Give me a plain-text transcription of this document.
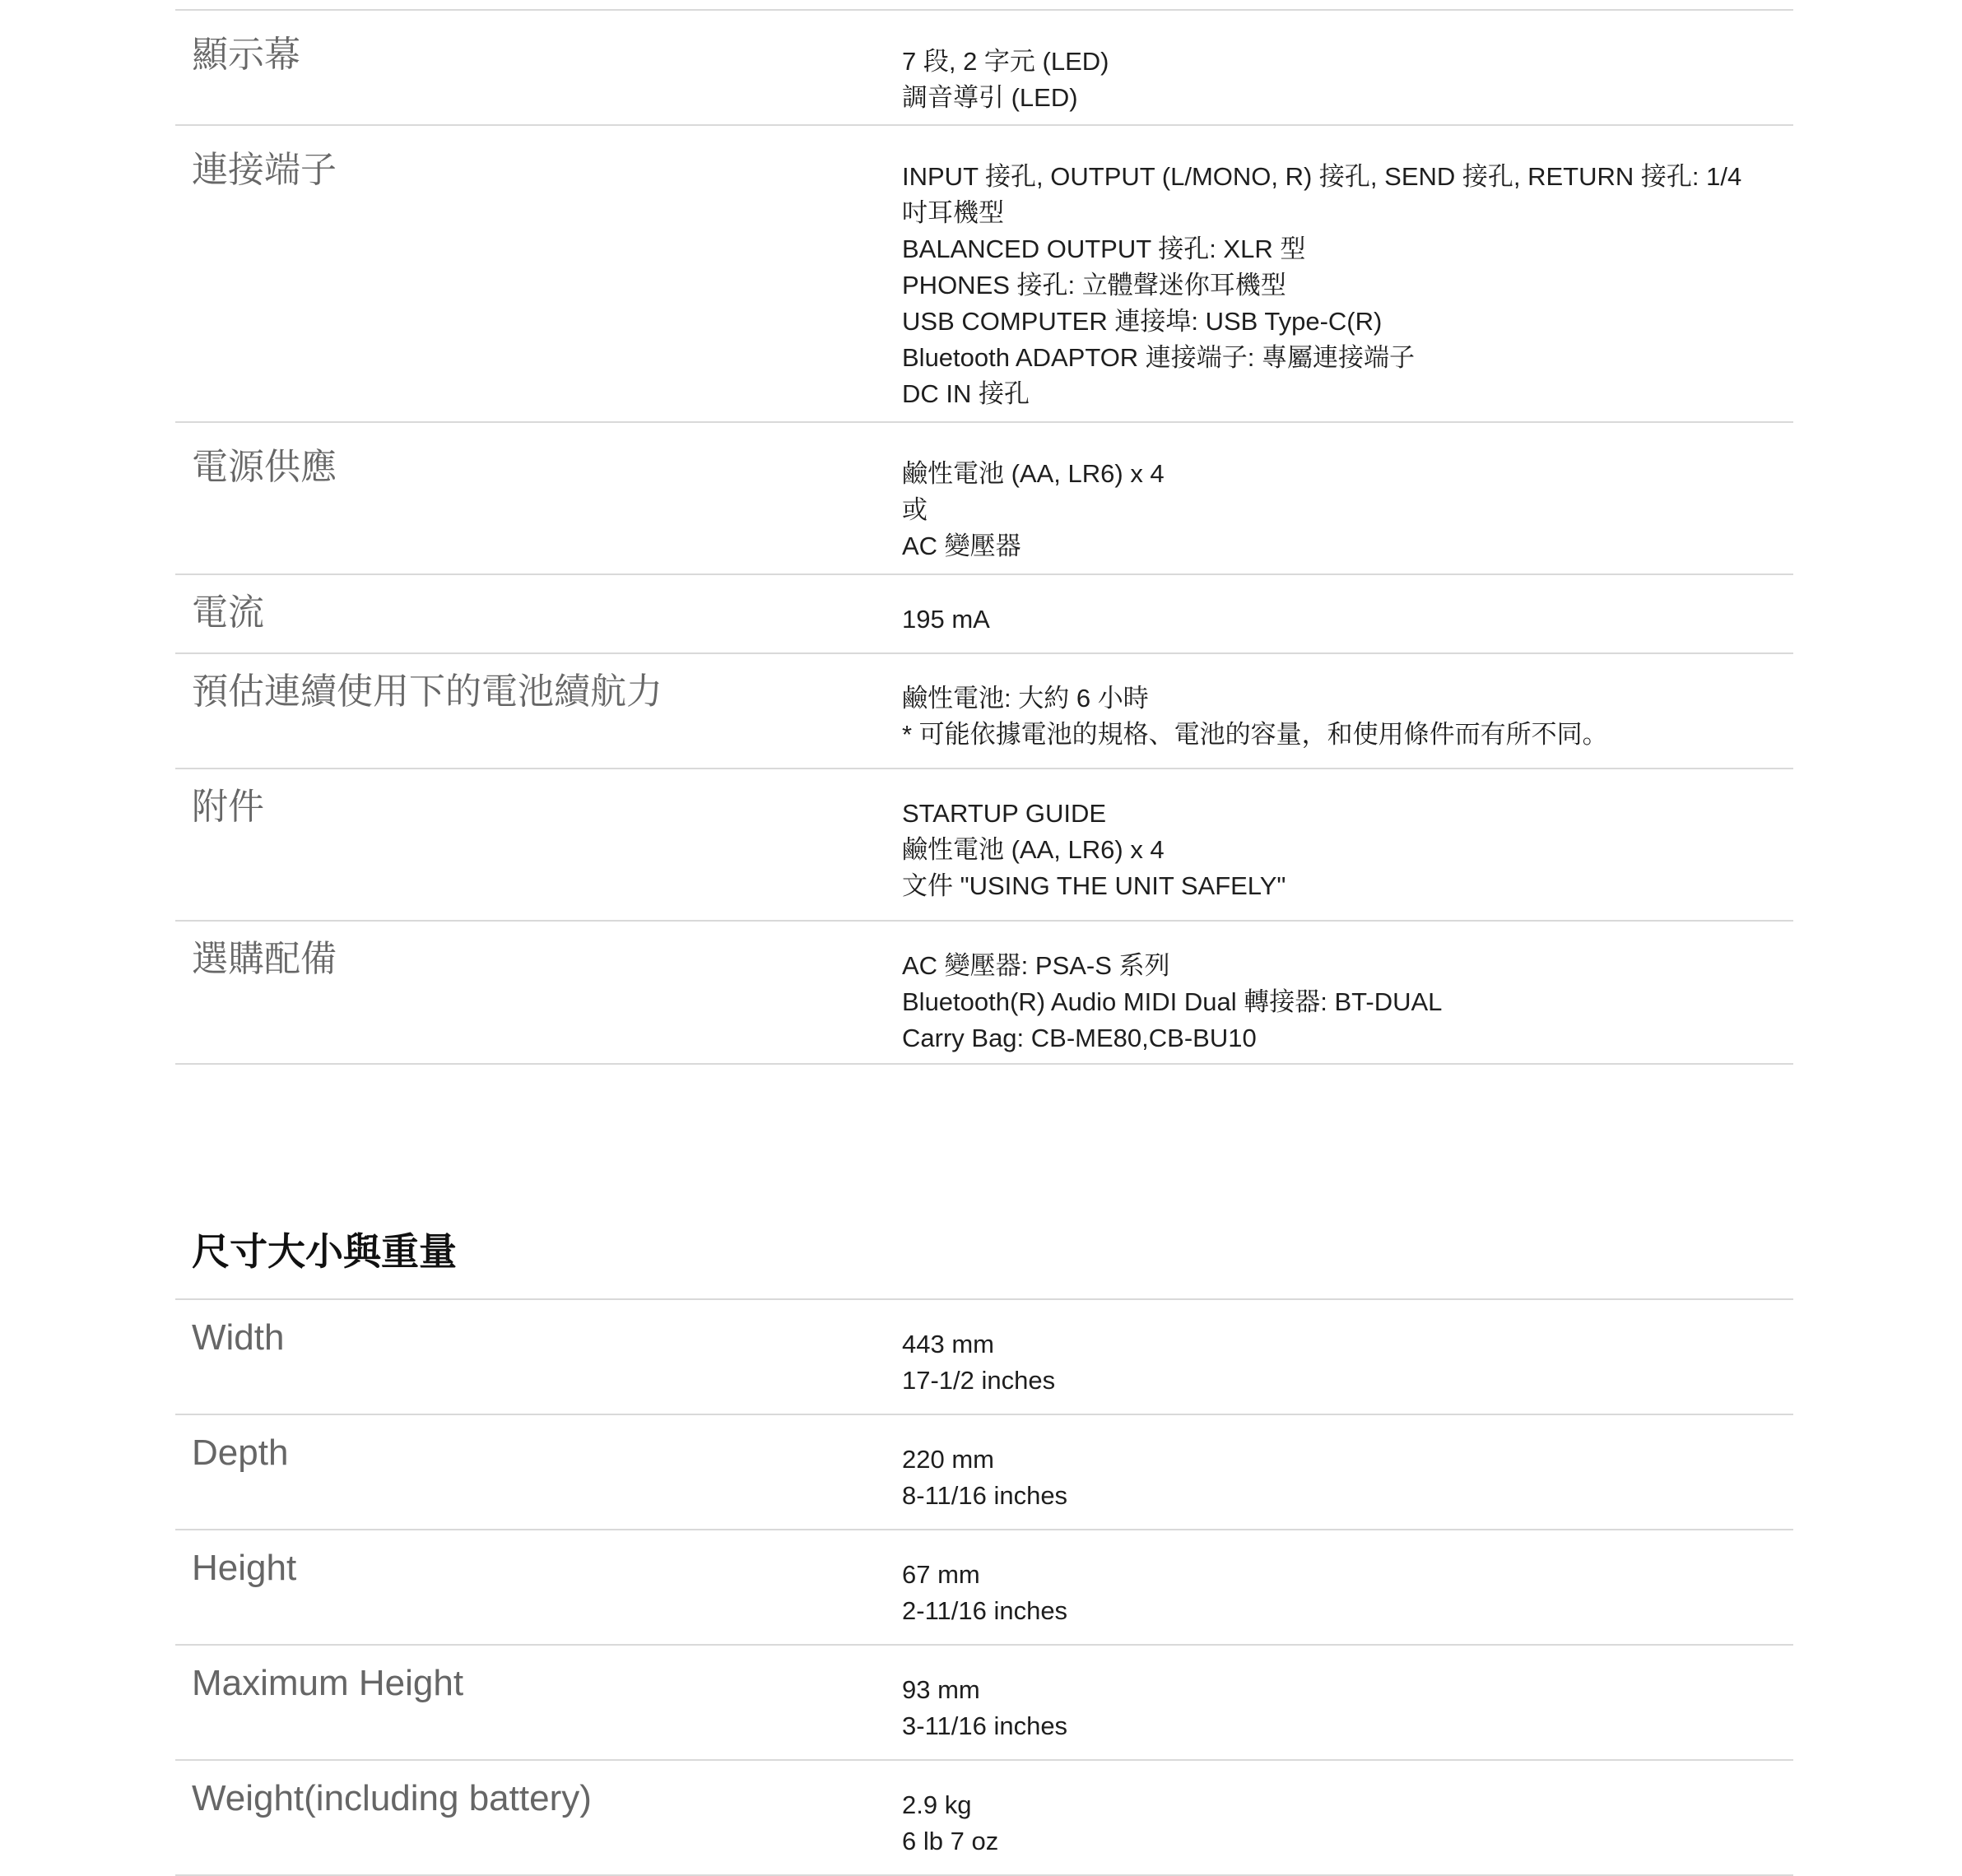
顯示幕	7 段, 2 字元 (LED)
調音導引 (LED)
連接端子	INPUT 接孔, OUTPUT (L/MONO, R) 接孔, SEND 接孔, RETURN 接孔: 1/4 吋耳機型
BALANCED OUTPUT 接孔: XLR 型
PHONES 接孔: 立體聲迷你耳機型
USB COMPUTER 連接埠: USB Type-C(R)
Bluetooth ADAPTOR 連接端子: 專屬連接端子
DC IN 接孔
電源供應	鹼性電池 (AA, LR6) x 4
或
AC 變壓器
電流	195 mA
預估連續使用下的電池續航力	鹼性電池: 大約 6 小時
* 可能依據電池的規格、電池的容量，和使用條件而有所不同。
附件	STARTUP GUIDE
鹼性電池 (AA, LR6) x 4
文件 "USING THE UNIT SAFELY"
選購配備	AC 變壓器: PSA-S 系列
Bluetooth(R) Audio MIDI Dual 轉接器: BT-DUAL
Carry Bag: CB-ME80,CB-BU10
尺寸大小與重量
Width	443 mm
17-1/2 inches
Depth	220 mm
8-11/16 inches
Height	67 mm
2-11/16 inches
Maximum Height	93 mm
3-11/16 inches
Weight(including battery)	2.9 kg
6 lb 7 oz
